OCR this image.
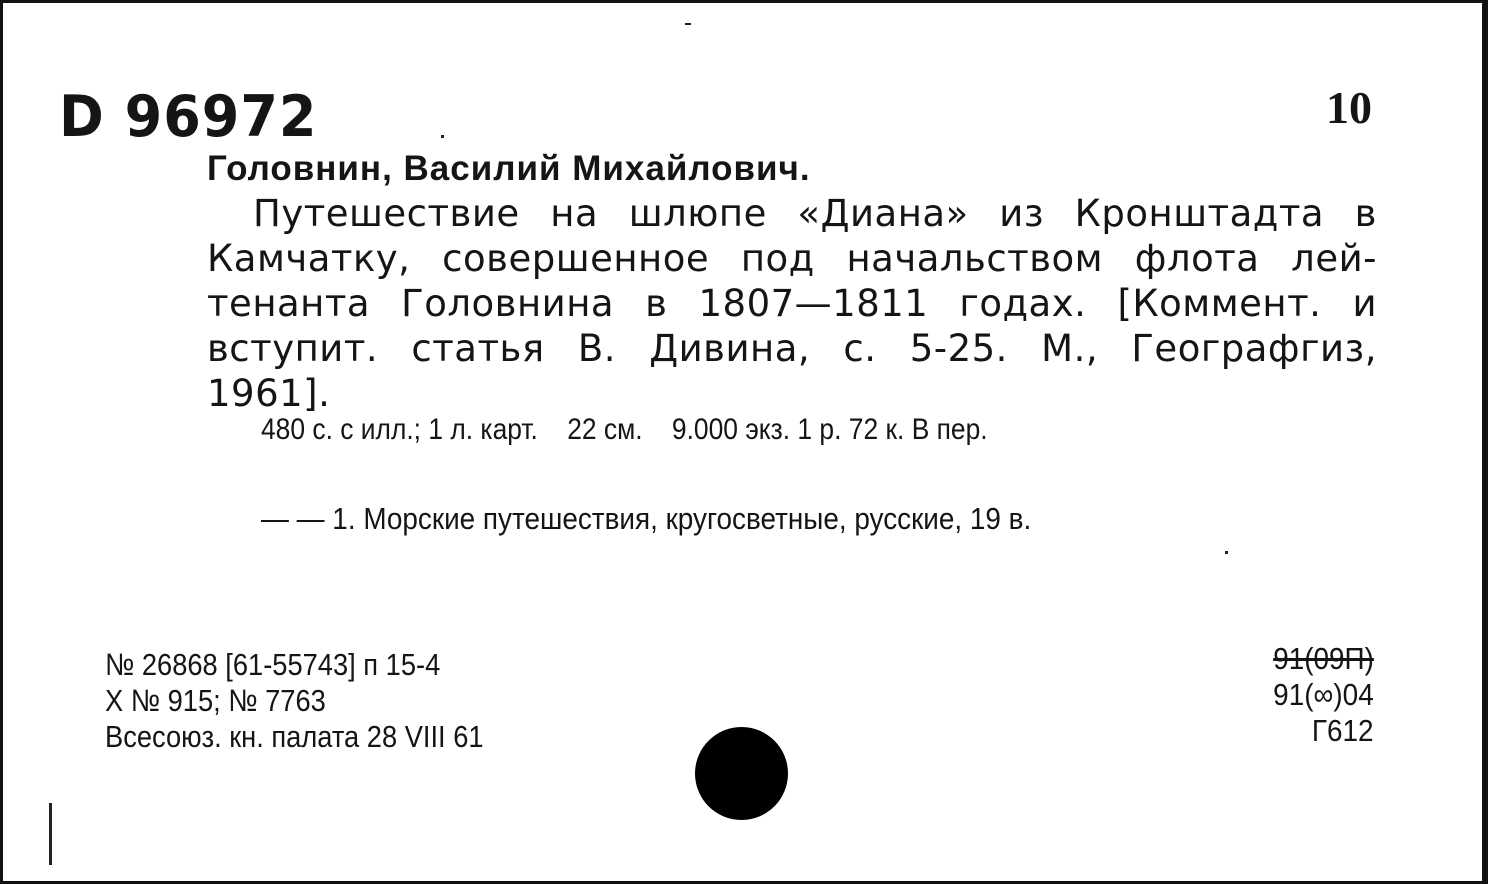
D 96972	10
Головнин, Василий Михайлович.
Путешествие на шлюпе «Диана» из Кронштадта в
Камчатку, совершенное под начальством флота лей-
тенанта Головнина в 1807—1811 годах. [Коммент. и
вступит. статья В. Дивина, с. 5-25. М., Географгиз,
1961].
480 с. с илл.; 1 л. карт.    22 см.    9.000 экз. 1 р. 72 к. В пер.
— — 1. Морские путешествия, кругосветные, русские, 19 в.
№ 26868 [61-55743] п 15-4
X № 915; № 7763
Всесоюз. кн. палата 28 VIII 61
91(09П)
91(∞)04
Г612
